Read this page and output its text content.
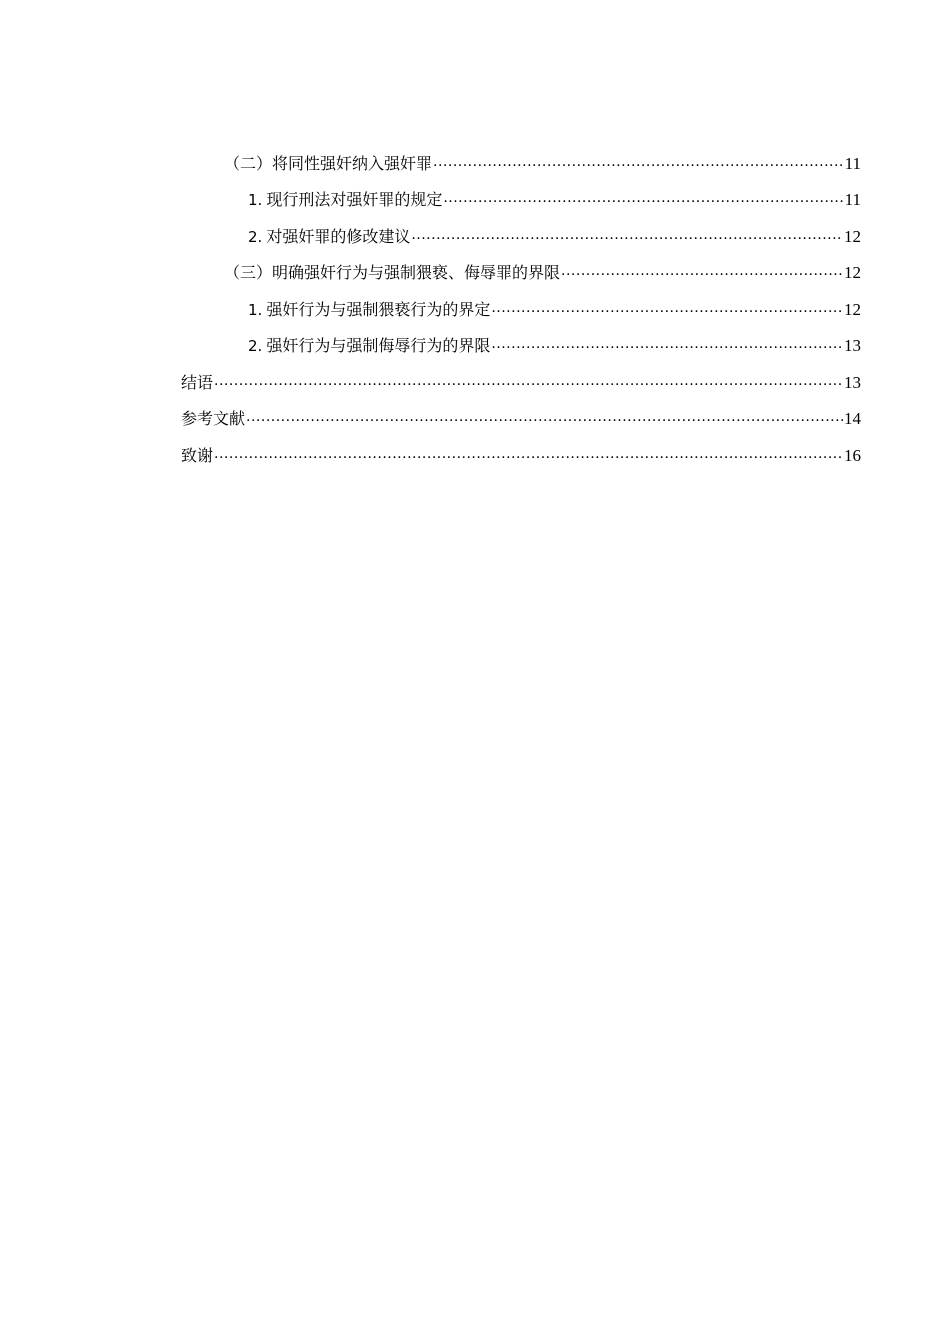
（二）将同性强奸纳入强奸罪 .....	11
1. 现行刑法对强奸罪的规定 .....	11
2. 对强奸罪的修改建议 .....	12
（三）明确强奸行为与强制猥亵、侮辱罪的界限 .....	12
1. 强奸行为与强制猥亵行为的界定 .....	12
2. 强奸行为与强制侮辱行为的界限 .....	13
结语 .....	13
参考文献 .....	14
致谢 .....	16
